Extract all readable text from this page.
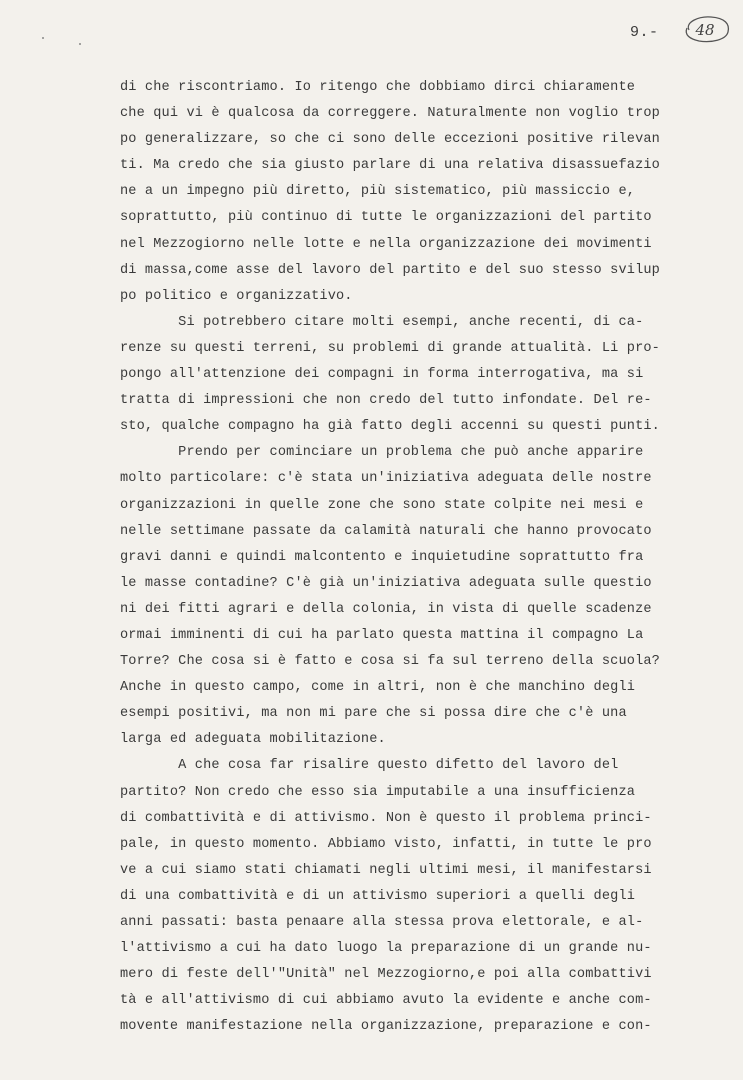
9.- 48
di che riscontriamo. Io ritengo che dobbiamo dirci chiaramente
che qui vi è qualcosa da correggere. Naturalmente non voglio trop
po generalizzare, so che ci sono delle eccezioni positive rilevan
ti. Ma credo che sia giusto parlare di una relativa disassuefazio
ne a un impegno più diretto, più sistematico, più massiccio e,
soprattutto, più continuo di tutte le organizzazioni del partito
nel Mezzogiorno nelle lotte e nella organizzazione dei movimenti
di massa,come asse del lavoro del partito e del suo stesso svilup
po politico e organizzativo.
Si potrebbero citare molti esempi, anche recenti, di ca-
renze su questi terreni, su problemi di grande attualità. Li pro-
pongo all'attenzione dei compagni in forma interrogativa, ma si
tratta di impressioni che non credo del tutto infondate. Del re-
sto, qualche compagno ha già fatto degli accenni su questi punti.
Prendo per cominciare un problema che può anche apparire
molto particolare: c'è stata un'iniziativa adeguata delle nostre
organizzazioni in quelle zone che sono state colpite nei mesi e
nelle settimane passate da calamità naturali che hanno provocato
gravi danni e quindi malcontento e inquietudine soprattutto fra
le masse contadine? C'è già un'iniziativa adeguata sulle questio
ni dei fitti agrari e della colonia, in vista di quelle scadenze
ormai imminenti di cui ha parlato questa mattina il compagno La
Torre? Che cosa si è fatto e cosa si fa sul terreno della scuola?
Anche in questo campo, come in altri, non è che manchino degli
esempi positivi, ma non mi pare che si possa dire che c'è una
larga ed adeguata mobilitazione.
A che cosa far risalire questo difetto del lavoro del
partito? Non credo che esso sia imputabile a una insufficienza
di combattività e di attivismo. Non è questo il problema princi-
pale, in questo momento. Abbiamo visto, infatti, in tutte le pro
ve a cui siamo stati chiamati negli ultimi mesi, il manifestarsi
di una combattività e di un attivismo superiori a quelli degli
anni passati: basta penaare alla stessa prova elettorale, e al-
l'attivismo a cui ha dato luogo la preparazione di un grande nu-
mero di feste dell'"Unità" nel Mezzogiorno,e poi alla combattivi
tà e all'attivismo di cui abbiamo avuto la evidente e anche com-
movente manifestazione nella organizzazione, preparazione e con-
